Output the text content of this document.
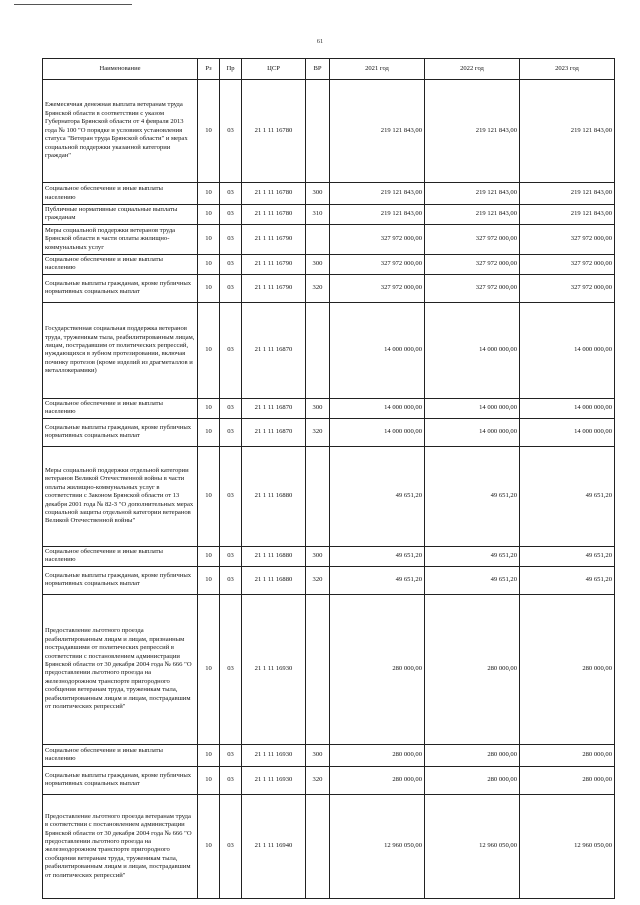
61
Наименование	Рз	Пр	ЦСР	ВР	2021 год	2022 год	2023 год
Ежемесячная денежная выплата ветеранам труда Брянской области в соответствии с указом Губернатора Брянской области от 4 февраля 2013 года № 100 "О порядке и условиях установления статуса "Ветеран труда Брянской области" и мерах социальной поддержки указанной категории граждан"	10	03	21 1 11 16780		219 121 843,00	219 121 843,00	219 121 843,00
Социальное обеспечение и иные выплаты населению	10	03	21 1 11 16780	300	219 121 843,00	219 121 843,00	219 121 843,00
Публичные нормативные социальные выплаты гражданам	10	03	21 1 11 16780	310	219 121 843,00	219 121 843,00	219 121 843,00
Меры социальной поддержки ветеранов труда Брянской области в части оплаты жилищно-коммунальных услуг	10	03	21 1 11 16790		327 972 000,00	327 972 000,00	327 972 000,00
Социальное обеспечение и иные выплаты населению	10	03	21 1 11 16790	300	327 972 000,00	327 972 000,00	327 972 000,00
Социальные выплаты гражданам, кроме публичных нормативных социальных выплат	10	03	21 1 11 16790	320	327 972 000,00	327 972 000,00	327 972 000,00
Государственная социальная поддержка ветеранов труда, труженикам тыла, реабилитированным лицам, лицам, пострадавшим от политических репрессий, нуждающихся в зубном протезировании, включая починку протезов (кроме изделий из драгметаллов и металлокерамики)	10	03	21 1 11 16870		14 000 000,00	14 000 000,00	14 000 000,00
Социальное обеспечение и иные выплаты населению	10	03	21 1 11 16870	300	14 000 000,00	14 000 000,00	14 000 000,00
Социальные выплаты гражданам, кроме публичных нормативных социальных выплат	10	03	21 1 11 16870	320	14 000 000,00	14 000 000,00	14 000 000,00
Меры социальной поддержки отдельной категории ветеранов Великой Отечественной войны в части оплаты жилищно-коммунальных услуг в соответствии с Законом Брянской области от 13 декабря 2001 года № 82-З "О дополнительных мерах социальной защиты отдельной категории ветеранов Великой Отечественной войны"	10	03	21 1 11 16880		49 651,20	49 651,20	49 651,20
Социальное обеспечение и иные выплаты населению	10	03	21 1 11 16880	300	49 651,20	49 651,20	49 651,20
Социальные выплаты гражданам, кроме публичных нормативных социальных выплат	10	03	21 1 11 16880	320	49 651,20	49 651,20	49 651,20
Предоставление льготного проезда реабилитированным лицам и лицам, признанным пострадавшими от политических репрессий в соответствии с постановлением администрации Брянской области от 30 декабря 2004 года № 666 "О предоставлении льготного проезда на железнодорожном транспорте пригородного сообщения ветеранам труда, труженикам тыла, реабилитированным лицам и лицам, пострадавшим от политических репрессий"	10	03	21 1 11 16930		280 000,00	280 000,00	280 000,00
Социальное обеспечение и иные выплаты населению	10	03	21 1 11 16930	300	280 000,00	280 000,00	280 000,00
Социальные выплаты гражданам, кроме публичных нормативных социальных выплат	10	03	21 1 11 16930	320	280 000,00	280 000,00	280 000,00
Предоставление льготного проезда ветеранам труда в соответствии с постановлением администрации Брянской области от 30 декабря 2004 года № 666 "О предоставлении льготного проезда на железнодорожном транспорте пригородного сообщения ветеранам труда, труженикам тыла, реабилитированным лицам и лицам, пострадавшим от политических репрессий"	10	03	21 1 11 16940		12 960 050,00	12 960 050,00	12 960 050,00
